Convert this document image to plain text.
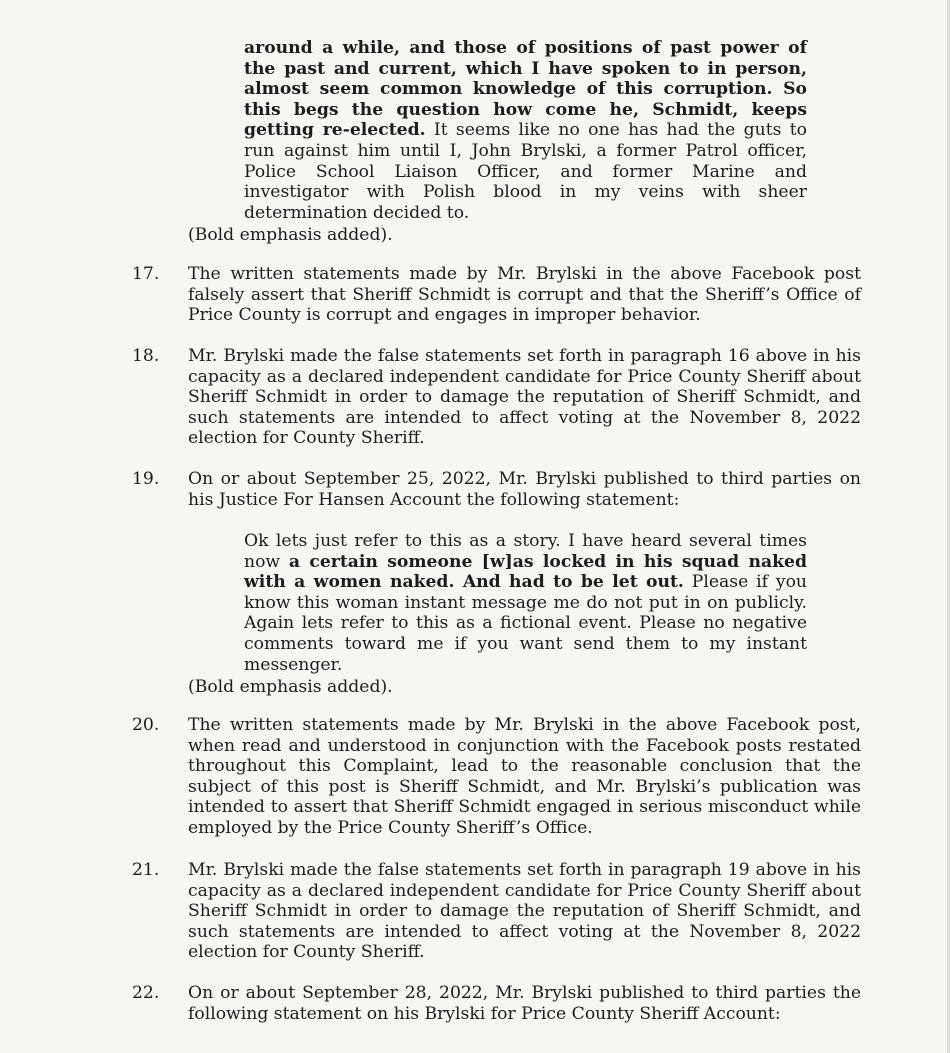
around a while, and those of positions of past power of the past and current, which I have spoken to in person, almost seem common knowledge of this corruption. So this begs the question how come he, Schmidt, keeps getting re-elected. It seems like no one has had the guts to run against him until I, John Brylski, a former Patrol officer, Police School Liaison Officer, and former Marine and investigator with Polish blood in my veins with sheer determination decided to.
(Bold emphasis added).
17. The written statements made by Mr. Brylski in the above Facebook post falsely assert that Sheriff Schmidt is corrupt and that the Sheriff’s Office of Price County is corrupt and engages in improper behavior.
18. Mr. Brylski made the false statements set forth in paragraph 16 above in his capacity as a declared independent candidate for Price County Sheriff about Sheriff Schmidt in order to damage the reputation of Sheriff Schmidt, and such statements are intended to affect voting at the November 8, 2022 election for County Sheriff.
19. On or about September 25, 2022, Mr. Brylski published to third parties on his Justice For Hansen Account the following statement:
Ok lets just refer to this as a story. I have heard several times now a certain someone [w]as locked in his squad naked with a women naked. And had to be let out. Please if you know this woman instant message me do not put in on publicly. Again lets refer to this as a fictional event. Please no negative comments toward me if you want send them to my instant messenger.
(Bold emphasis added).
20. The written statements made by Mr. Brylski in the above Facebook post, when read and understood in conjunction with the Facebook posts restated throughout this Complaint, lead to the reasonable conclusion that the subject of this post is Sheriff Schmidt, and Mr. Brylski’s publication was intended to assert that Sheriff Schmidt engaged in serious misconduct while employed by the Price County Sheriff’s Office.
21. Mr. Brylski made the false statements set forth in paragraph 19 above in his capacity as a declared independent candidate for Price County Sheriff about Sheriff Schmidt in order to damage the reputation of Sheriff Schmidt, and such statements are intended to affect voting at the November 8, 2022 election for County Sheriff.
22. On or about September 28, 2022, Mr. Brylski published to third parties the following statement on his Brylski for Price County Sheriff Account:
